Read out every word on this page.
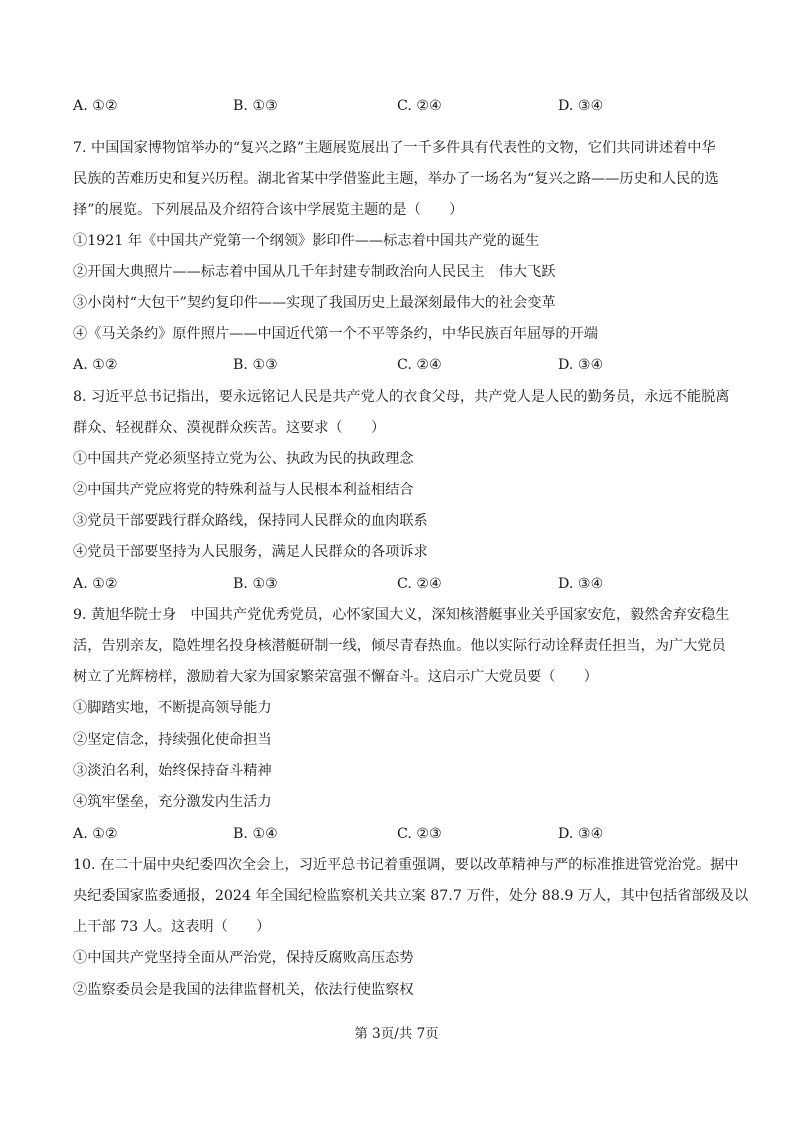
A. ①②	B. ①③	C. ②④	D. ③④
7. 中国国家博物馆举办的“复兴之路”主题展览展出了一千多件具有代表性的文物，它们共同讲述着中华
民族的苦难历史和复兴历程。湖北省某中学借鉴此主题，举办了一场名为“复兴之路——历史和人民的选
择”的展览。下列展品及介绍符合该中学展览主题的是（　　）
①1921 年《中国共产党第一个纲领》影印件——标志着中国共产党的诞生
②开国大典照片——标志着中国从几千年封建专制政治向人民民主　伟大飞跃
③小岗村“大包干”契约复印件——实现了我国历史上最深刻最伟大的社会变革
④《马关条约》原件照片——中国近代第一个不平等条约，中华民族百年屈辱的开端
A. ①②	B. ①③	C. ②④	D. ③④
8. 习近平总书记指出，要永远铭记人民是共产党人的衣食父母，共产党人是人民的勤务员，永远不能脱离
群众、轻视群众、漠视群众疾苦。这要求（　　）
①中国共产党必须坚持立党为公、执政为民的执政理念
②中国共产党应将党的特殊利益与人民根本利益相结合
③党员干部要践行群众路线，保持同人民群众的血肉联系
④党员干部要坚持为人民服务，满足人民群众的各项诉求
A. ①②	B. ①③	C. ②④	D. ③④
9. 黄旭华院士身　中国共产党优秀党员，心怀家国大义，深知核潜艇事业关乎国家安危，毅然舍弃安稳生
活，告别亲友，隐姓埋名投身核潜艇研制一线，倾尽青春热血。他以实际行动诠释责任担当，为广大党员
树立了光辉榜样，激励着大家为国家繁荣富强不懈奋斗。这启示广大党员要（　　）
①脚踏实地，不断提高领导能力
②坚定信念，持续强化使命担当
③淡泊名利，始终保持奋斗精神
④筑牢堡垒，充分激发内生活力
A. ①②	B. ①④	C. ②③	D. ③④
10. 在二十届中央纪委四次全会上，习近平总书记着重强调，要以改革精神与严的标准推进管党治党。据中
央纪委国家监委通报，2024 年全国纪检监察机关共立案 87.7 万件，处分 88.9 万人，其中包括省部级及以
上干部 73 人。这表明（　　）
①中国共产党坚持全面从严治党，保持反腐败高压态势
②监察委员会是我国的法律监督机关，依法行使监察权
第 3页/共 7页
